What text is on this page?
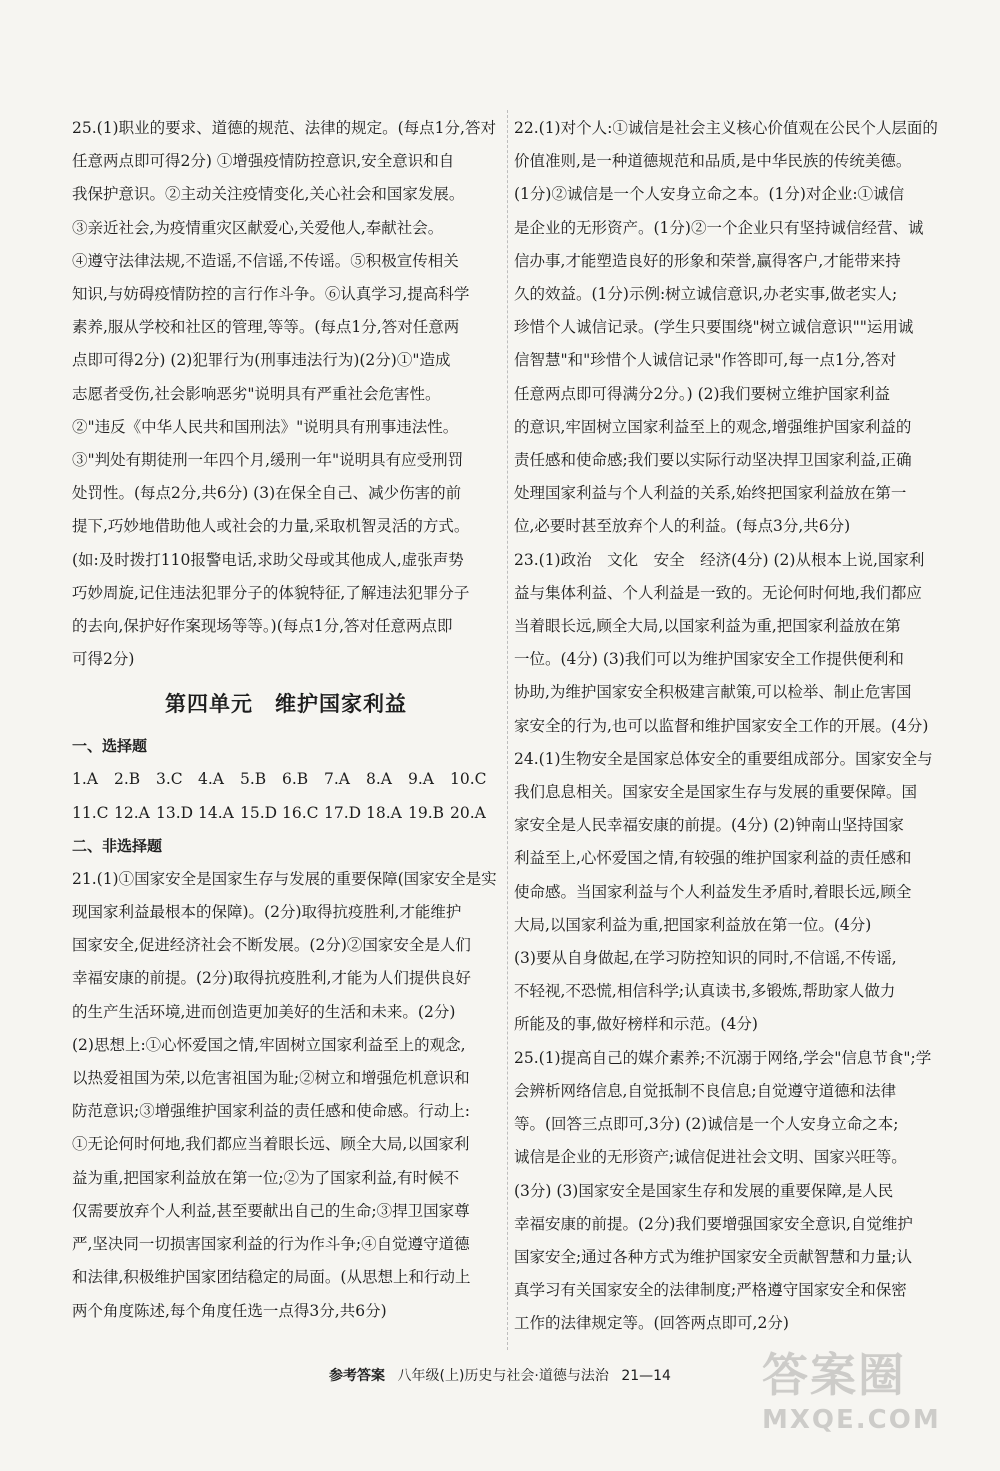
25.(1)职业的要求、道德的规范、法律的规定。(每点1分,答对

任意两点即可得2分) ①增强疫情防控意识,安全意识和自

我保护意识。②主动关注疫情变化,关心社会和国家发展。

③亲近社会,为疫情重灾区献爱心,关爱他人,奉献社会。

④遵守法律法规,不造谣,不信谣,不传谣。⑤积极宣传相关

知识,与妨碍疫情防控的言行作斗争。⑥认真学习,提高科学

素养,服从学校和社区的管理,等等。(每点1分,答对任意两

点即可得2分) (2)犯罪行为(刑事违法行为)(2分)①"造成

志愿者受伤,社会影响恶劣"说明具有严重社会危害性。

②"违反《中华人民共和国刑法》"说明具有刑事违法性。

③"判处有期徒刑一年四个月,缓刑一年"说明具有应受刑罚

处罚性。(每点2分,共6分) (3)在保全自己、减少伤害的前

提下,巧妙地借助他人或社会的力量,采取机智灵活的方式。

(如:及时拨打110报警电话,求助父母或其他成人,虚张声势

巧妙周旋,记住违法犯罪分子的体貌特征,了解违法犯罪分子

的去向,保护好作案现场等等。)(每点1分,答对任意两点即

可得2分)

第四单元　维护国家利益
一、选择题
1.A	2.B	3.C 4.A	5.B	6.B	7.A	8.A	9.A	10.C
11.C 12.A 13.D 14.A 15.D 16.C 17.D 18.A 19.B 20.A
二、非选择题

21.(1)①国家安全是国家生存与发展的重要保障(国家安全是实

现国家利益最根本的保障)。(2分)取得抗疫胜利,才能维护

国家安全,促进经济社会不断发展。(2分)②国家安全是人们

幸福安康的前提。(2分)取得抗疫胜利,才能为人们提供良好

的生产生活环境,进而创造更加美好的生活和未来。(2分)

(2)思想上:①心怀爱国之情,牢固树立国家利益至上的观念,

以热爱祖国为荣,以危害祖国为耻;②树立和增强危机意识和

防范意识;③增强维护国家利益的责任感和使命感。行动上:

①无论何时何地,我们都应当着眼长远、顾全大局,以国家利

益为重,把国家利益放在第一位;②为了国家利益,有时候不

仅需要放弃个人利益,甚至要献出自己的生命;③捍卫国家尊

严,坚决同一切损害国家利益的行为作斗争;④自觉遵守道德

和法律,积极维护国家团结稳定的局面。(从思想上和行动上

两个角度陈述,每个角度任选一点得3分,共6分)

22.(1)对个人:①诚信是社会主义核心价值观在公民个人层面的

价值准则,是一种道德规范和品质,是中华民族的传统美德。

(1分)②诚信是一个人安身立命之本。(1分)对企业:①诚信

是企业的无形资产。(1分)②一个企业只有坚持诚信经营、诚

信办事,才能塑造良好的形象和荣誉,赢得客户,才能带来持

久的效益。(1分)示例:树立诚信意识,办老实事,做老实人;

珍惜个人诚信记录。(学生只要围绕"树立诚信意识""运用诚

信智慧"和"珍惜个人诚信记录"作答即可,每一点1分,答对

任意两点即可得满分2分。) (2)我们要树立维护国家利益

的意识,牢固树立国家利益至上的观念,增强维护国家利益的

责任感和使命感;我们要以实际行动坚决捍卫国家利益,正确

处理国家利益与个人利益的关系,始终把国家利益放在第一

位,必要时甚至放弃个人的利益。(每点3分,共6分)

23.(1)政治　文化　安全　经济(4分) (2)从根本上说,国家利

益与集体利益、个人利益是一致的。无论何时何地,我们都应

当着眼长远,顾全大局,以国家利益为重,把国家利益放在第

一位。(4分) (3)我们可以为维护国家安全工作提供便利和

协助,为维护国家安全积极建言献策,可以检举、制止危害国

家安全的行为,也可以监督和维护国家安全工作的开展。(4分)

24.(1)生物安全是国家总体安全的重要组成部分。国家安全与

我们息息相关。国家安全是国家生存与发展的重要保障。国

家安全是人民幸福安康的前提。(4分) (2)钟南山坚持国家

利益至上,心怀爱国之情,有较强的维护国家利益的责任感和

使命感。当国家利益与个人利益发生矛盾时,着眼长远,顾全

大局,以国家利益为重,把国家利益放在第一位。(4分)

(3)要从自身做起,在学习防控知识的同时,不信谣,不传谣,

不轻视,不恐慌,相信科学;认真读书,多锻炼,帮助家人做力

所能及的事,做好榜样和示范。(4分)

25.(1)提高自己的媒介素养;不沉溺于网络,学会"信息节食";学

会辨析网络信息,自觉抵制不良信息;自觉遵守道德和法律

等。(回答三点即可,3分) (2)诚信是一个人安身立命之本;

诚信是企业的无形资产;诚信促进社会文明、国家兴旺等。

(3分) (3)国家安全是国家生存和发展的重要保障,是人民

幸福安康的前提。(2分)我们要增强国家安全意识,自觉维护

国家安全;通过各种方式为维护国家安全贡献智慧和力量;认

真学习有关国家安全的法律制度;严格遵守国家安全和保密

工作的法律规定等。(回答两点即可,2分)

参考答案 八年级(上)历史与社会·道德与法治 21—14	答案圈
MXQE.COM
